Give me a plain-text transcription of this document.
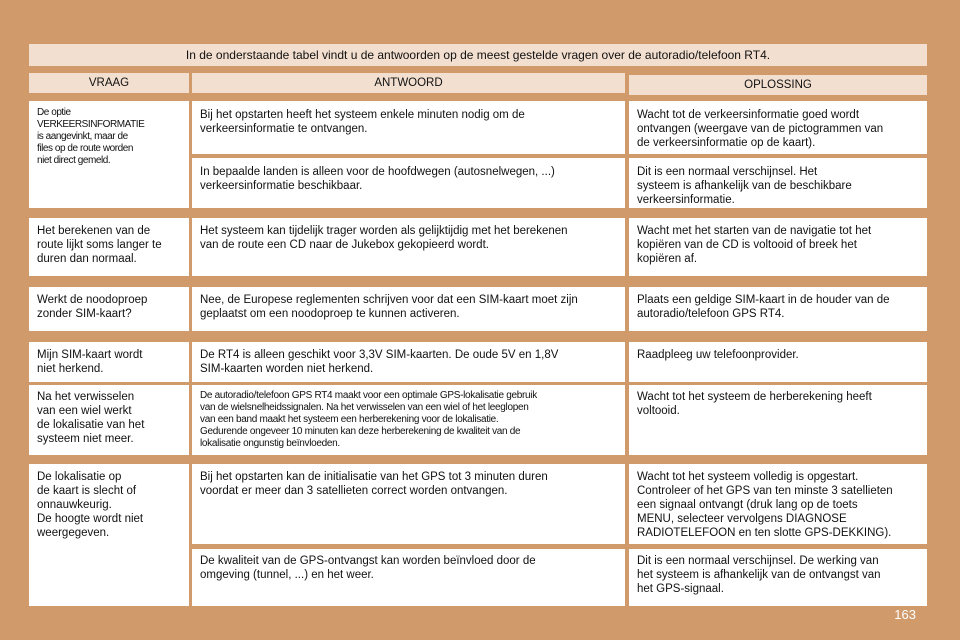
In de onderstaande tabel vindt u de antwoorden op de meest gestelde vragen over de autoradio/telefoon RT4.
VRAAG	ANTWOORD	OPLOSSING
De optie
VERKEERSINFORMATIE
is aangevinkt, maar de
files op de route worden
niet direct gemeld.
Bij het opstarten heeft het systeem enkele minuten nodig om de
verkeersinformatie te ontvangen.
Wacht tot de verkeersinformatie goed wordt
ontvangen (weergave van de pictogrammen van
de verkeersinformatie op de kaart).
In bepaalde landen is alleen voor de hoofdwegen (autosnelwegen, ...)
verkeersinformatie beschikbaar.
Dit is een normaal verschijnsel. Het
systeem is afhankelijk van de beschikbare
verkeersinformatie.
Het berekenen van de
route lijkt soms langer te
duren dan normaal.
Het systeem kan tijdelijk trager worden als gelijktijdig met het berekenen
van de route een CD naar de Jukebox gekopieerd wordt.
Wacht met het starten van de navigatie tot het
kopiëren van de CD is voltooid of breek het
kopiëren af.
Werkt de noodoproep
zonder SIM-kaart?
Nee, de Europese reglementen schrijven voor dat een SIM-kaart moet zijn
geplaatst om een noodoproep te kunnen activeren.
Plaats een geldige SIM-kaart in de houder van de
autoradio/telefoon GPS RT4.
Mijn SIM-kaart wordt
niet herkend.
De RT4 is alleen geschikt voor 3,3V SIM-kaarten. De oude 5V en 1,8V
SIM-kaarten worden niet herkend.
Raadpleeg uw telefoonprovider.
Na het verwisselen
van een wiel werkt
de lokalisatie van het
systeem niet meer.
De autoradio/telefoon GPS RT4 maakt voor een optimale GPS-lokalisatie gebruik
van de wielsnelheidssignalen. Na het verwisselen van een wiel of het leeglopen
van een band maakt het systeem een herberekening voor de lokalisatie.
Gedurende ongeveer 10 minuten kan deze herberekening de kwaliteit van de
lokalisatie ongunstig beïnvloeden.
Wacht tot het systeem de herberekening heeft
voltooid.
De lokalisatie op
de kaart is slecht of
onnauwkeurig.
De hoogte wordt niet
weergegeven.
Bij het opstarten kan de initialisatie van het GPS tot 3 minuten duren
voordat er meer dan 3 satellieten correct worden ontvangen.
Wacht tot het systeem volledig is opgestart.
Controleer of het GPS van ten minste 3 satellieten
een signaal ontvangt (druk lang op de toets
MENU, selecteer vervolgens DIAGNOSE
RADIOTELEFOON en ten slotte GPS-DEKKING).
De kwaliteit van de GPS-ontvangst kan worden beïnvloed door de
omgeving (tunnel, ...) en het weer.
Dit is een normaal verschijnsel. De werking van
het systeem is afhankelijk van de ontvangst van
het GPS-signaal.
163
